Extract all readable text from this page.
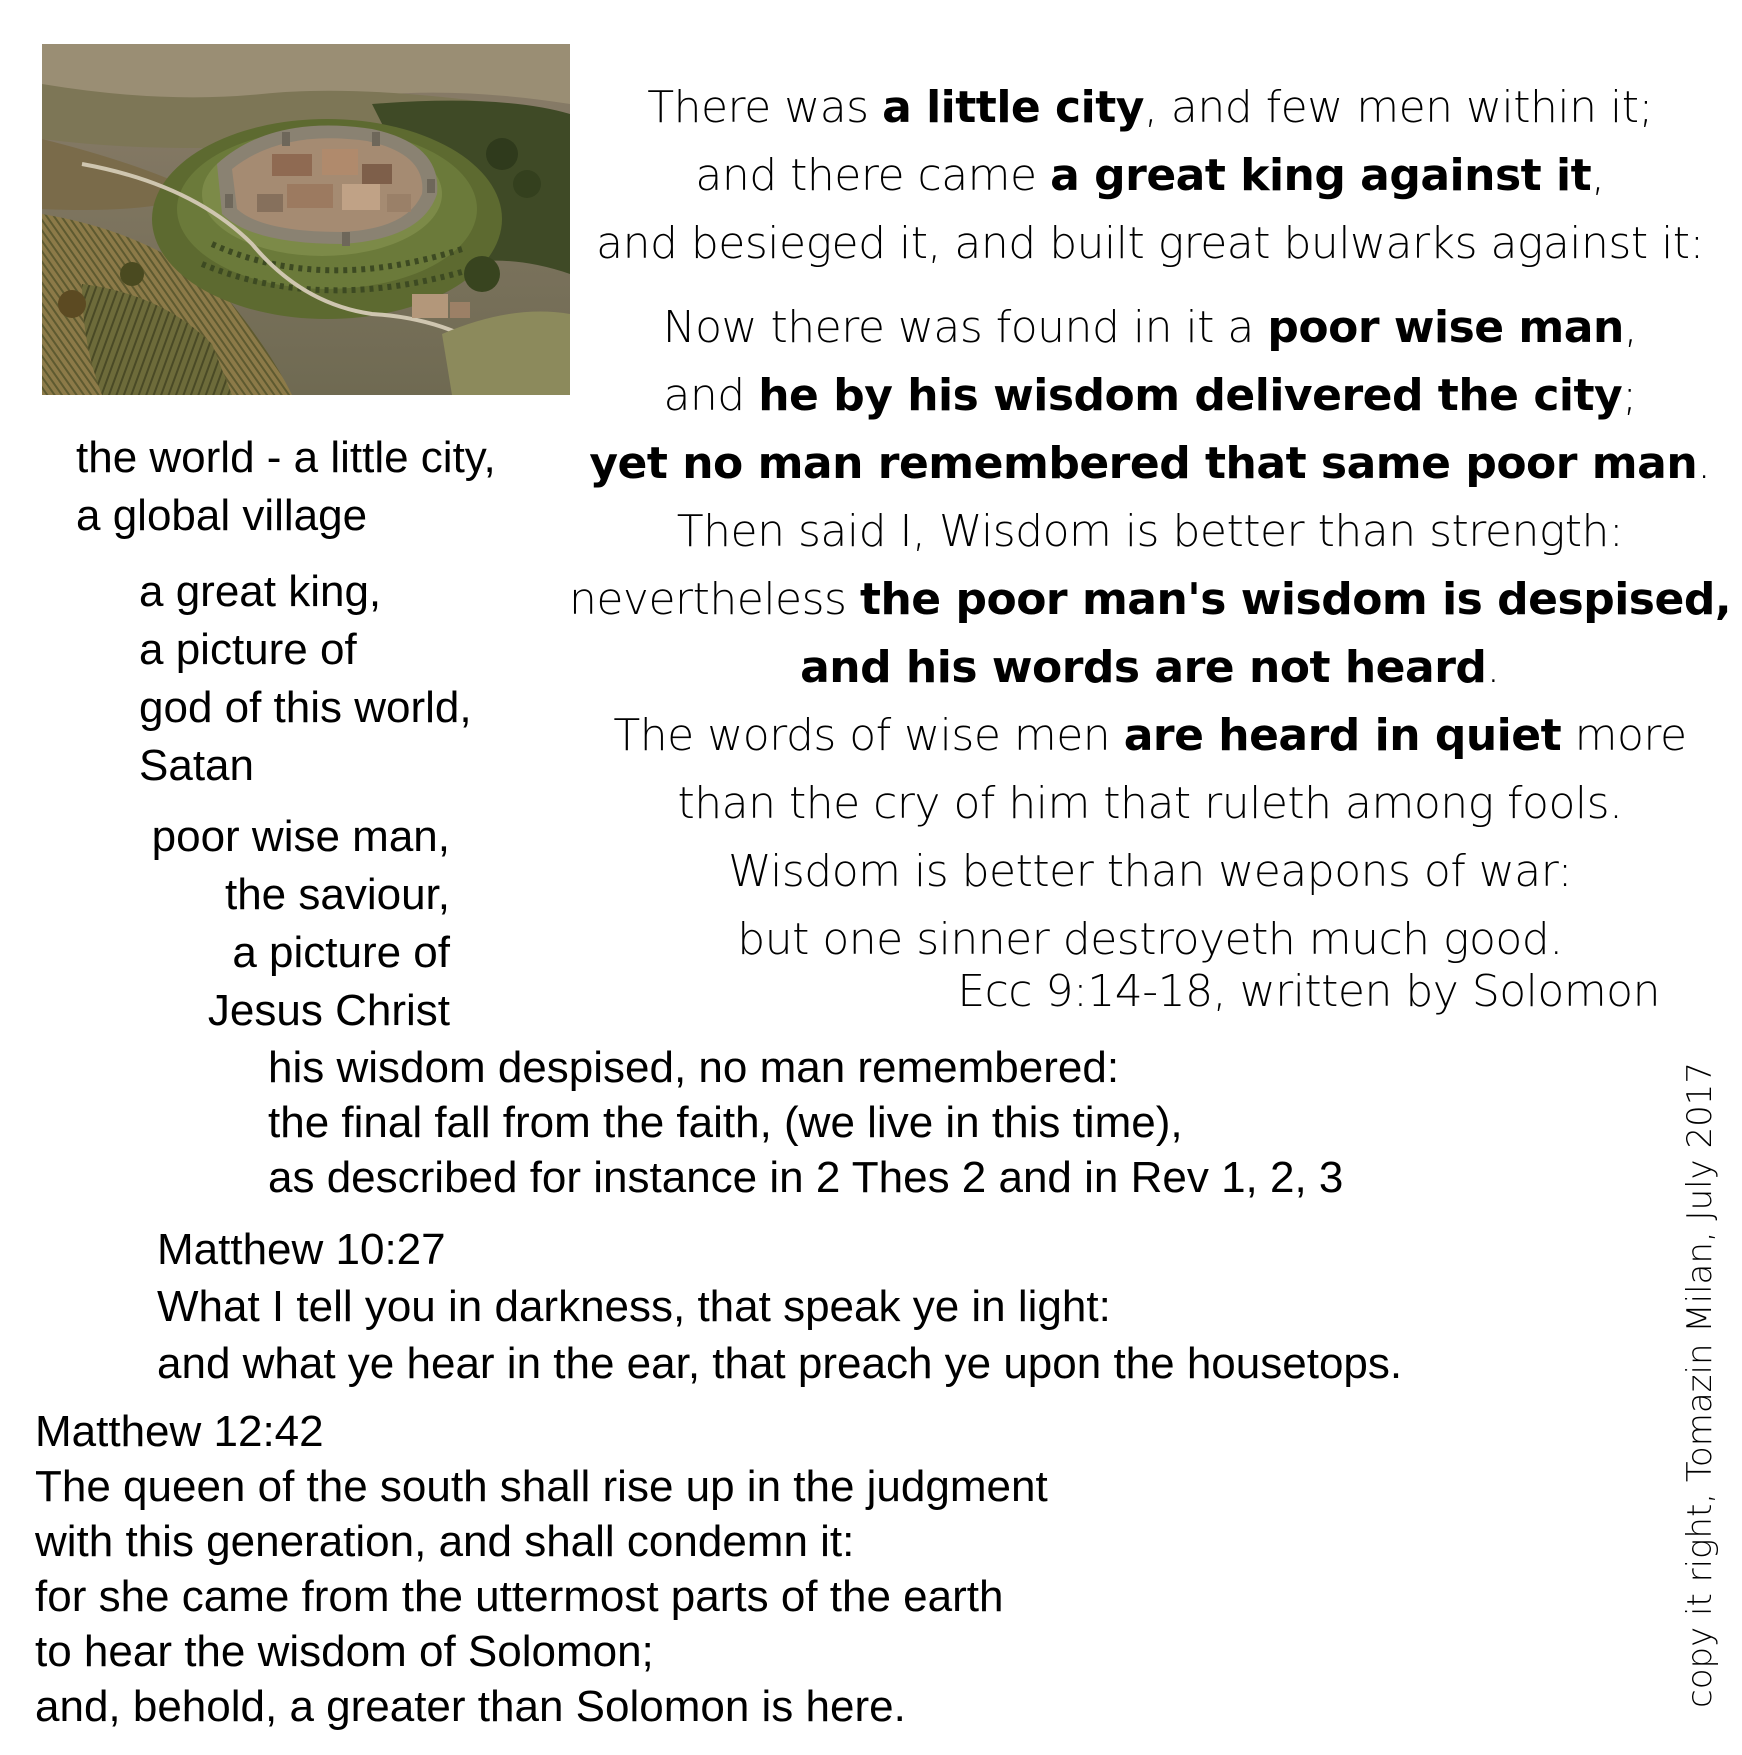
There was a little city, and few men within it;
and there came a great king against it,
and besieged it, and built great bulwarks against it:
Now there was found in it a poor wise man,
and he by his wisdom delivered the city;
yet no man remembered that same poor man.
Then said I, Wisdom is better than strength:
nevertheless the poor man's wisdom is despised,
and his words are not heard.
The words of wise men are heard in quiet more
than the cry of him that ruleth among fools.
Wisdom is better than weapons of war:
but one sinner destroyeth much good.
Ecc 9:14-18, written by Solomon
the world - a little city,
a global village
a great king,
a picture of
god of this world,
Satan
poor wise man,
the saviour,
a picture of
Jesus Christ
his wisdom despised, no man remembered:
the final fall from the faith, (we live in this time),
as described for instance in 2 Thes 2 and in Rev 1, 2, 3
Matthew 10:27
What I tell you in darkness, that speak ye in light:
and what ye hear in the ear, that preach ye upon the housetops.
Matthew 12:42
The queen of the south shall rise up in the judgment
with this generation, and shall condemn it:
for she came from the uttermost parts of the earth
to hear the wisdom of Solomon;
and, behold, a greater than Solomon is here.	copy it right, Tomazin Milan, July 2017
